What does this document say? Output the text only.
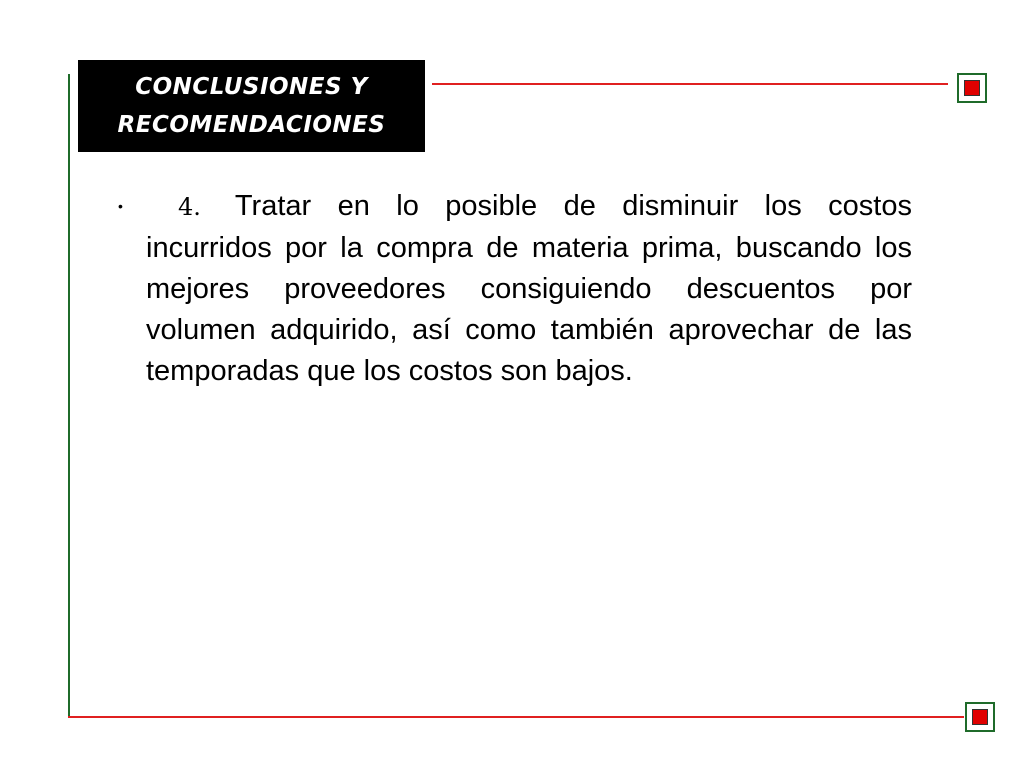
CONCLUSIONES Y
RECOMENDACIONES
•	4. Tratar en lo posible de disminuir los costos incurridos por la compra de materia prima, buscando los mejores proveedores consiguiendo descuentos por volumen adquirido, así como también aprovechar de las temporadas que los costos son bajos.
